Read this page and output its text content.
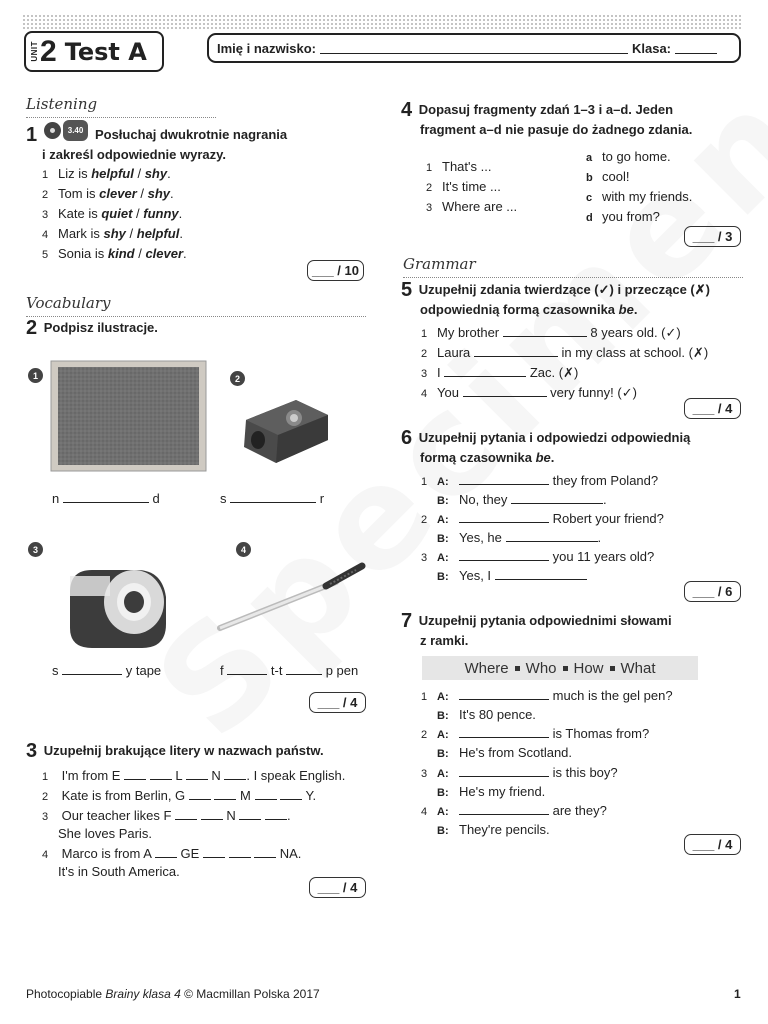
UNIT 2 Test A	Imię i nazwisko:	Klasa:
Listening
1	3.40 Posłuchaj dwukrotnie nagrania
i zakreśl odpowiednie wyrazy.
1 Liz is helpful / shy.
2 Tom is clever / shy.
3 Kate is quiet / funny.
4 Mark is shy / helpful.
5 Sonia is kind / clever.
___ / 10
Vocabulary
2 Podpisz ilustracje.
1	2
n	d	s	r
3	4
s	y tape	f	t-t	p pen
___ / 4
3 Uzupełnij brakujące litery w nazwach państw.
1 I'm from E	L N . I speak English.
2 Kate is from Berlin, G	M	Y.
3 Our teacher likes F	N	.
She loves Paris.
4 Marco is from A GE	NA.
It's in South America.
___ / 4
4 Dopasuj fragmenty zdań 1–3 i a–d. Jeden
fragment a–d nie pasuje do żadnego zdania.
1 That's ...
2 It's time ...
3 Where are ...
a to go home.
b cool!
c with my friends.
d you from?
___ / 3
Grammar
5 Uzupełnij zdania twierdzące (✓) i przeczące (✗)
odpowiednią formą czasownika be.
1 My brother	8 years old. (✓)
2 Laura	in my class at school. (✗)
3 I	Zac. (✗)
4 You	very funny! (✓)
___ / 4
6 Uzupełnij pytania i odpowiedzi odpowiednią
formą czasownika be.
1 A:	they from Poland?
B: No, they	.
2 A:	Robert your friend?
B: Yes, he	.
3 A:	you 11 years old?
B: Yes, I
___ / 6
7 Uzupełnij pytania odpowiednimi słowami
z ramki.
Where Who How What
1 A:	much is the gel pen?
B: It's 80 pence.
2 A:	is Thomas from?
B: He's from Scotland.
3 A:	is this boy?
B: He's my friend.
4 A:	are they?
B: They're pencils.
___ / 4
Photocopiable Brainy klasa 4 © Macmillan Polska 2017	1
